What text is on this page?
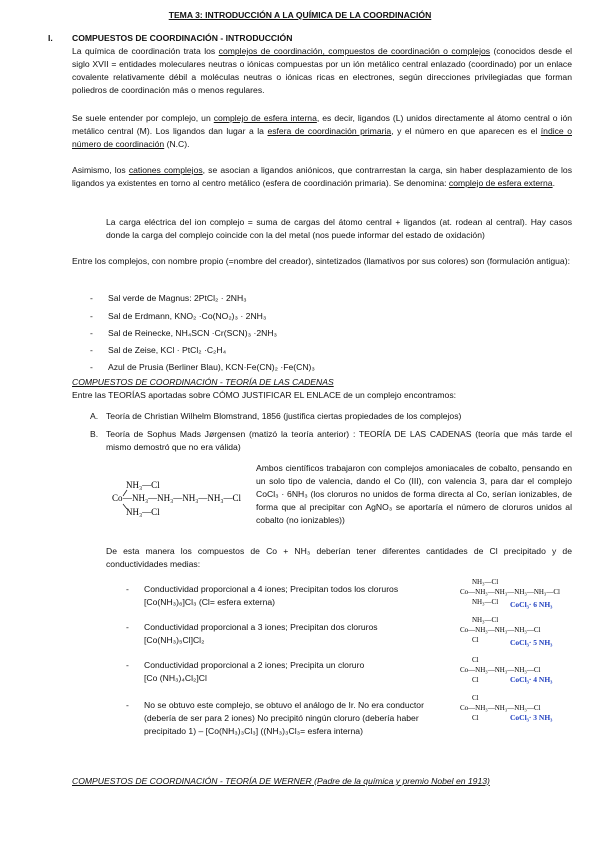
TEMA 3: INTRODUCCIÓN A LA QUÍMICA DE LA COORDINACIÓN
I. COMPUESTOS DE COORDINACIÓN - INTRODUCCIÓN
La química de coordinación trata los complejos de coordinación, compuestos de coordinación o complejos (conocidos desde el siglo XVII = entidades moleculares neutras o iónicas compuestas por un ión metálico central enlazado (coordinado) por un enlace covalente relativamente débil a moléculas neutras o iónicas ricas en electrones, según direcciones privilegiadas que forman poliedros de coordinación más o menos regulares.
Se suele entender por complejo, un complejo de esfera interna, es decir, ligandos (L) unidos directamente al átomo central o ión metálico central (M). Los ligandos dan lugar a la esfera de coordinación primaria, y el número en que aparecen es el índice o número de coordinación (N.C).
Asimismo, los cationes complejos, se asocian a ligandos aniónicos, que contrarrestan la carga, sin haber desplazamiento de los ligandos ya existentes en torno al centro metálico (esfera de coordinación primaria). Se denomina: complejo de esfera externa.
La carga eléctrica del ion complejo = suma de cargas del átomo central + ligandos (at. rodean al central). Hay casos donde la carga del complejo coincide con la del metal (nos puede informar del estado de oxidación)
Entre los complejos, con nombre propio (=nombre del creador), sintetizados (llamativos por sus colores) son (formulación antigua):
- Sal verde de Magnus: 2PtCl₂ · 2NH₃
- Sal de Erdmann, KNO₂ ·Co(NO₂)₃ · 2NH₃
- Sal de Reinecke, NH₄SCN ·Cr(SCN)₃ ·2NH₃
- Sal de Zeise, KCl · PtCl₂ ·C₂H₄
- Azul de Prusia (Berliner Blau), KCN·Fe(CN)₂ ·Fe(CN)₃
COMPUESTOS DE COORDINACIÓN - TEORÍA DE LAS CADENAS
Entre las TEORÍAS aportadas sobre CÓMO JUSTIFICAR EL ENLACE de un complejo encontramos:
A. Teoría de Christian Wilhelm Blomstrand, 1856 (justifica ciertas propiedades de los complejos)
B. Teoría de Sophus Mads Jørgensen (matizó la teoría anterior) : TEORÍA DE LAS CADENAS (teoría que más tarde el mismo demostró que no era válida)
NH₃—Cl
Co —NH₃—NH₃—NH₃—NH₃—Cl
NH₃—Cl
Ambos científicos trabajaron con complejos amoniacales de cobalto, pensando en un solo tipo de valencia, dando el Co (III), con valencia 3, para dar el complejo CoCl₃ · 6NH₃ (los cloruros no unidos de forma directa al Co, serían ionizables, de forma que al precipitar con AgNO₃ se aportaría el número de cloruros unidos al cobalto (no ionizables))
De esta manera los compuestos de Co + NH₃ deberían tener diferentes cantidades de Cl precipitado y de conductividades medias:
- Conductividad proporcional a 4 iones; Precipitan todos los cloruros
[Co(NH₃)₆]Cl₃ (Cl= esfera externa)
NH₃—Cl
Co—NH₃—NH₃—NH₃—NH₃—Cl
NH₃—Cl CoCl₃· 6 NH₃
- Conductividad proporcional a 3 iones; Precipitan dos cloruros
[Co(NH₃)₅Cl]Cl₂
NH₃—Cl
Co—NH₃—NH₃—NH₃—Cl
Cl	CoCl₃· 5 NH₃
- Conductividad proporcional a 2 iones; Precipita un cloruro
[Co (NH₃)₄Cl₂]Cl
Cl
Co—NH₃—NH₃—NH₃—Cl
Cl	CoCl₃· 4 NH₃
- No se obtuvo este complejo, se obtuvo el análogo de Ir. No era conductor
(debería de ser para 2 iones) No precipitó ningún cloruro (debería haber
precipitado 1) – [Co(NH₃)₃Cl₃] ((NH₃)₃Cl₃= esfera interna)
Cl
Co—NH₃—NH₃—NH₃—Cl
Cl	CoCl₃· 3 NH₃
COMPUESTOS DE COORDINACIÓN - TEORÍA DE WERNER (Padre de la química y premio Nobel en 1913)
